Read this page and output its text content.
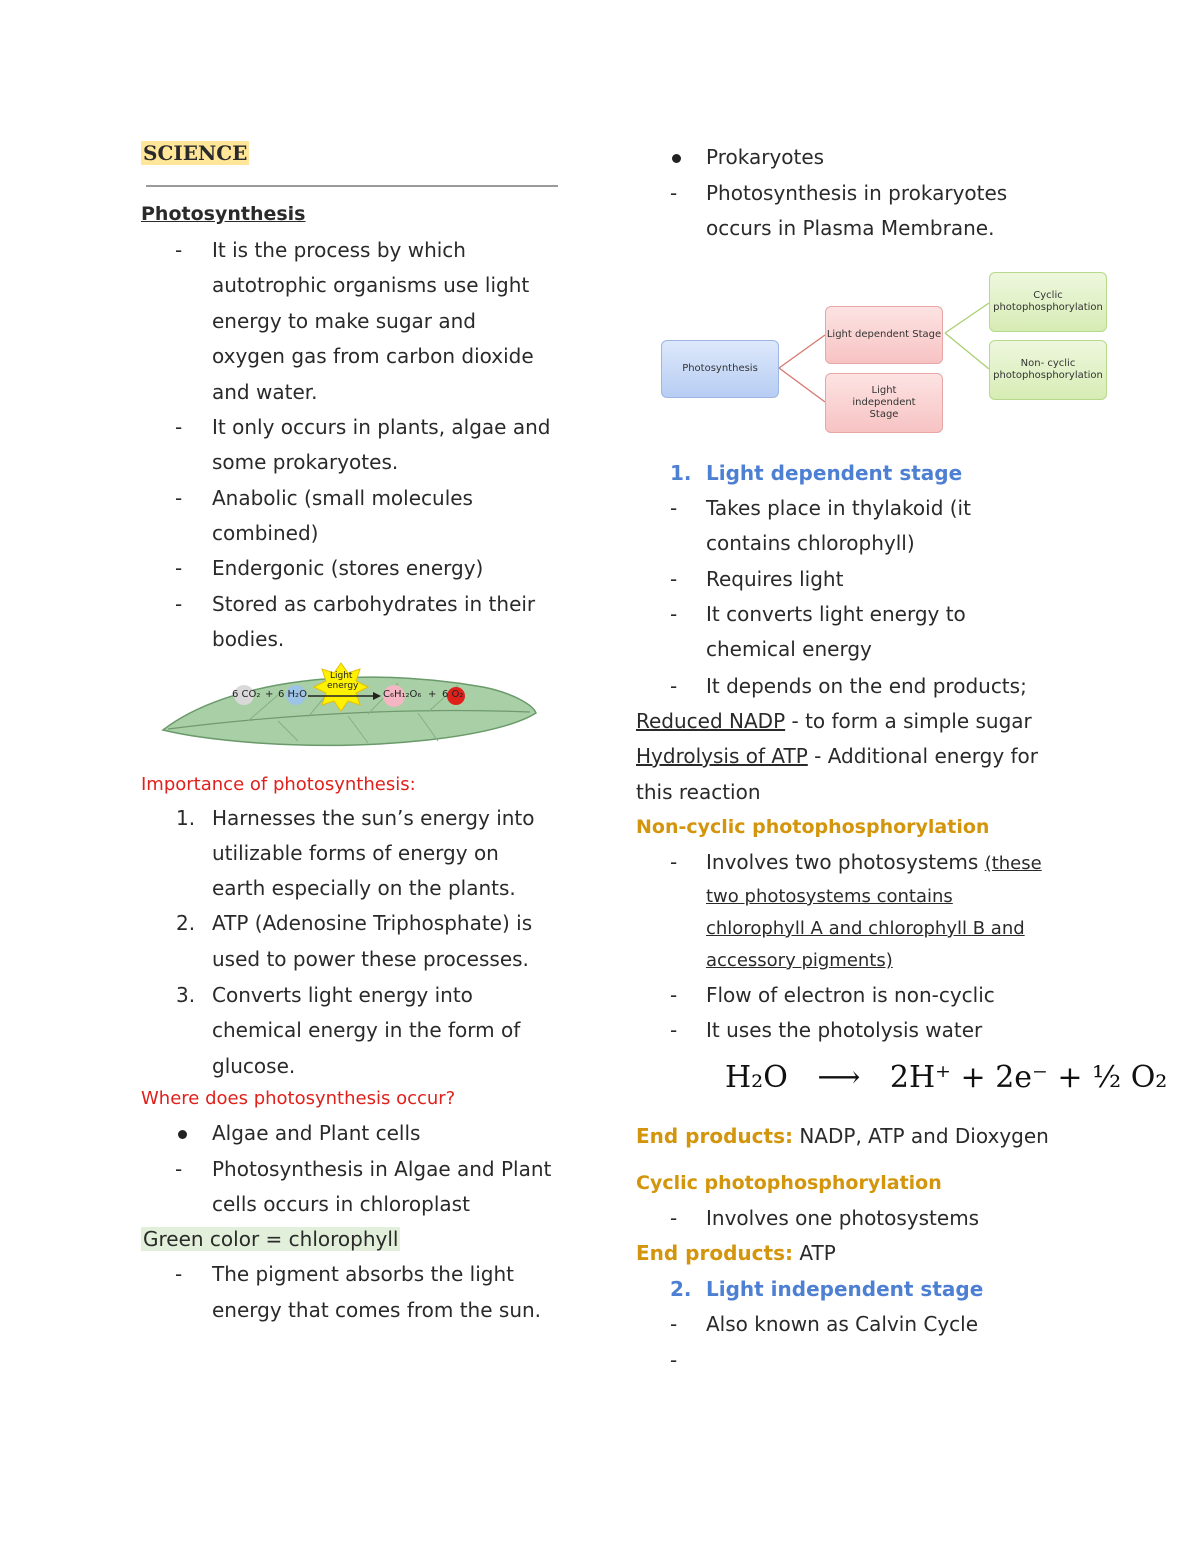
SCIENCE
Photosynthesis
- It is the process by which
autotrophic organisms use light
energy to make sugar and
oxygen gas from carbon dioxide
and water.
- It only occurs in plants, algae and
some prokaryotes.
- Anabolic (small molecules
combined)
- Endergonic (stores energy)
- Stored as carbohydrates in their
bodies.
Light
energy
6 CO₂ + 6 H₂O	C₆H₁₂O₆ + 6 O₂
Importance of photosynthesis:
1. Harnesses the sun’s energy into
utilizable forms of energy on
earth especially on the plants.
2. ATP (Adenosine Triphosphate) is
used to power these processes.
3. Converts light energy into
chemical energy in the form of
glucose.
Where does photosynthesis occur?
Algae and Plant cells
- Photosynthesis in Algae and Plant
cells occurs in chloroplast
Green color = chlorophyll
- The pigment absorbs the light
energy that comes from the sun.
Prokaryotes
- Photosynthesis in prokaryotes
occurs in Plasma Membrane.
Photosynthesis
Light dependent Stage
Light independent Stage
Cyclic photophosphorylation
Non- cyclic photophosphorylation
1. Light dependent stage
- Takes place in thylakoid (it
contains chlorophyll)
- Requires light
- It converts light energy to
chemical energy
- It depends on the end products;
Reduced NADP - to form a simple sugar
Hydrolysis of ATP - Additional energy for
this reaction
Non-cyclic photophosphorylation
- Involves two photosystems (these
two photosystems contains
chlorophyll A and chlorophyll B and
accessory pigments)
- Flow of electron is non-cyclic
- It uses the photolysis water
H₂O ⟶ 2H⁺ + 2e⁻ + ½ O₂
End products: NADP, ATP and Dioxygen
Cyclic photophosphorylation
- Involves one photosystems
End products: ATP
2. Light independent stage
- Also known as Calvin Cycle
-
